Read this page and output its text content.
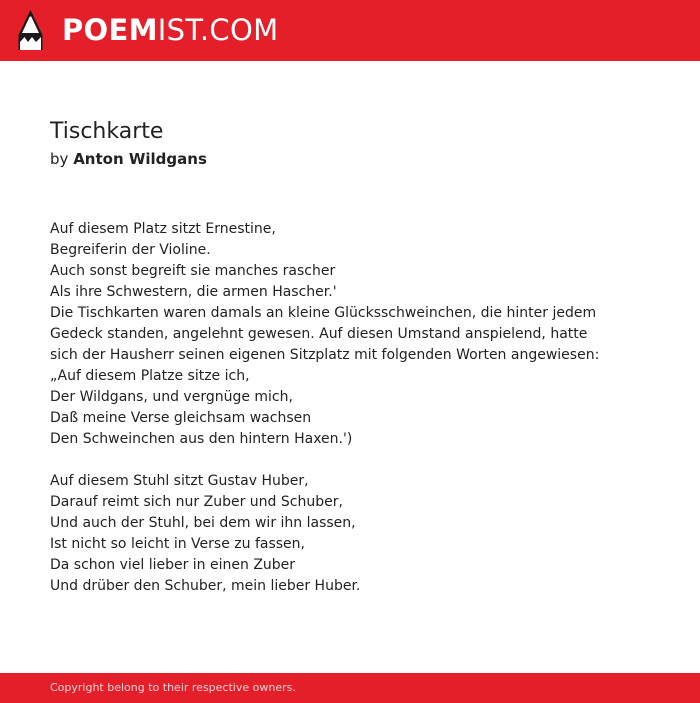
POEMIST.COM
Tischkarte
by Anton Wildgans
Auf diesem Platz sitzt Ernestine,
Begreiferin der Violine.
Auch sonst begreift sie manches rascher
Als ihre Schwestern, die armen Hascher.'
Die Tischkarten waren damals an kleine Glücksschweinchen, die hinter jedem
Gedeck standen, angelehnt gewesen. Auf diesen Umstand anspielend, hatte
sich der Hausherr seinen eigenen Sitzplatz mit folgenden Worten angewiesen:
„Auf diesem Platze sitze ich,
Der Wildgans, und vergnüge mich,
Daß meine Verse gleichsam wachsen
Den Schweinchen aus den hintern Haxen.')
Auf diesem Stuhl sitzt Gustav Huber,
Darauf reimt sich nur Zuber und Schuber,
Und auch der Stuhl, bei dem wir ihn lassen,
Ist nicht so leicht in Verse zu fassen,
Da schon viel lieber in einen Zuber
Und drüber den Schuber, mein lieber Huber.
Copyright belong to their respective owners.
